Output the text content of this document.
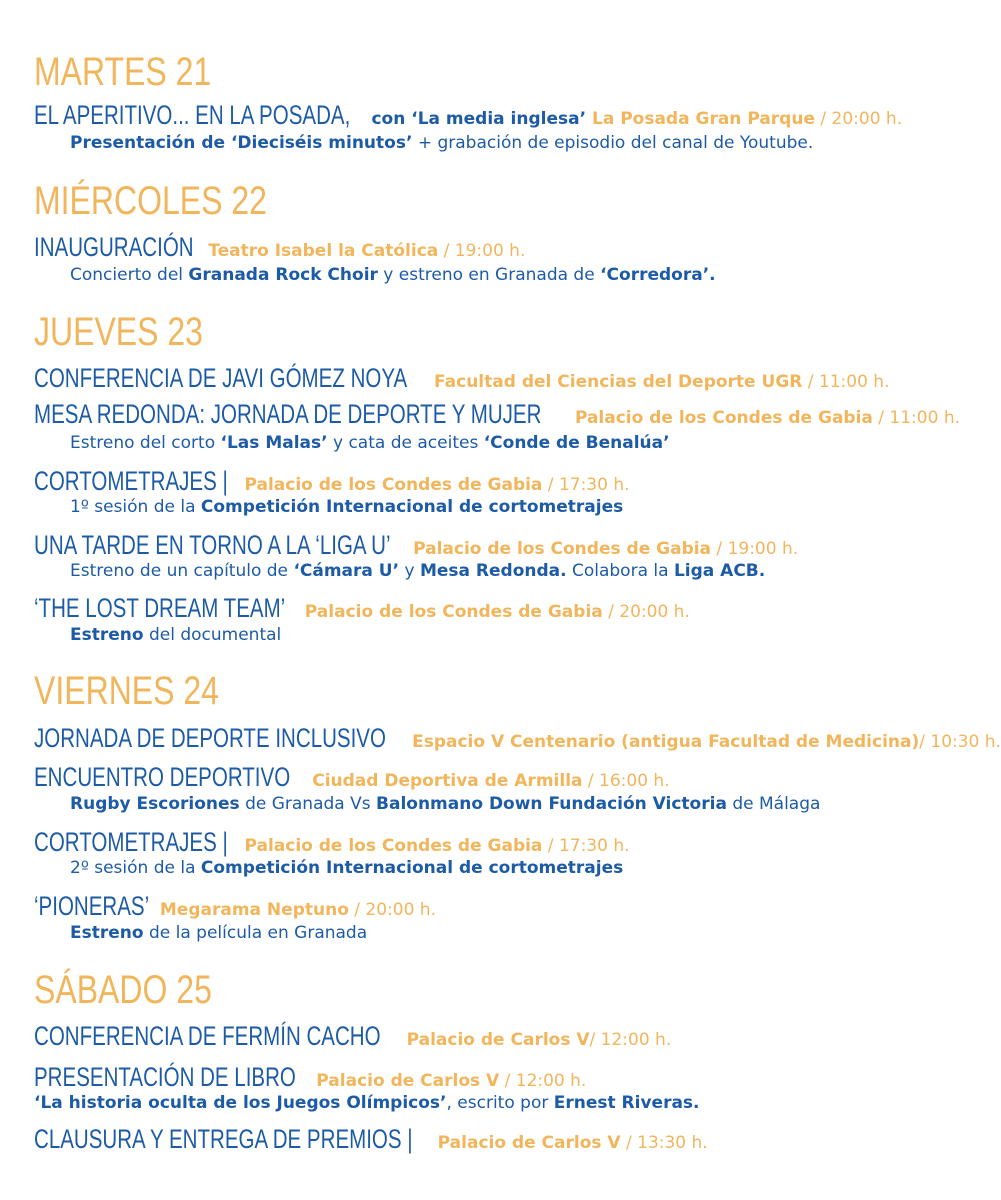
MARTES 21
EL APERITIVO... EN LA POSADA, con ‘La media inglesa’ La Posada Gran Parque / 20:00 h.
Presentación de ‘Dieciséis minutos’ + grabación de episodio del canal de Youtube.
MIÉRCOLES 22
INAUGURACIÓN Teatro Isabel la Católica / 19:00 h.
Concierto del Granada Rock Choir y estreno en Granada de ‘Corredora’.
JUEVES 23
CONFERENCIA DE JAVI GÓMEZ NOYA Facultad del Ciencias del Deporte UGR / 11:00 h.
MESA REDONDA: JORNADA DE DEPORTE Y MUJER Palacio de los Condes de Gabia / 11:00 h.
Estreno del corto ‘Las Malas’ y cata de aceites ‘Conde de Benalúa’
CORTOMETRAJES | Palacio de los Condes de Gabia / 17:30 h.
1º sesión de la Competición Internacional de cortometrajes
UNA TARDE EN TORNO A LA ‘LIGA U’ Palacio de los Condes de Gabia / 19:00 h.
Estreno de un capítulo de ‘Cámara U’ y Mesa Redonda. Colabora la Liga ACB.
‘THE LOST DREAM TEAM’ Palacio de los Condes de Gabia / 20:00 h.
Estreno del documental
VIERNES 24
JORNADA DE DEPORTE INCLUSIVO Espacio V Centenario (antigua Facultad de Medicina)/ 10:30 h.
ENCUENTRO DEPORTIVO Ciudad Deportiva de Armilla / 16:00 h.
Rugby Escoriones de Granada Vs Balonmano Down Fundación Victoria de Málaga
CORTOMETRAJES | Palacio de los Condes de Gabia / 17:30 h.
2º sesión de la Competición Internacional de cortometrajes
‘PIONERAS’ Megarama Neptuno / 20:00 h.
Estreno de la película en Granada
SÁBADO 25
CONFERENCIA DE FERMÍN CACHO Palacio de Carlos V/ 12:00 h.
PRESENTACIÓN DE LIBRO Palacio de Carlos V / 12:00 h.
‘La historia oculta de los Juegos Olímpicos’, escrito por Ernest Riveras.
CLAUSURA Y ENTREGA DE PREMIOS | Palacio de Carlos V / 13:30 h.
